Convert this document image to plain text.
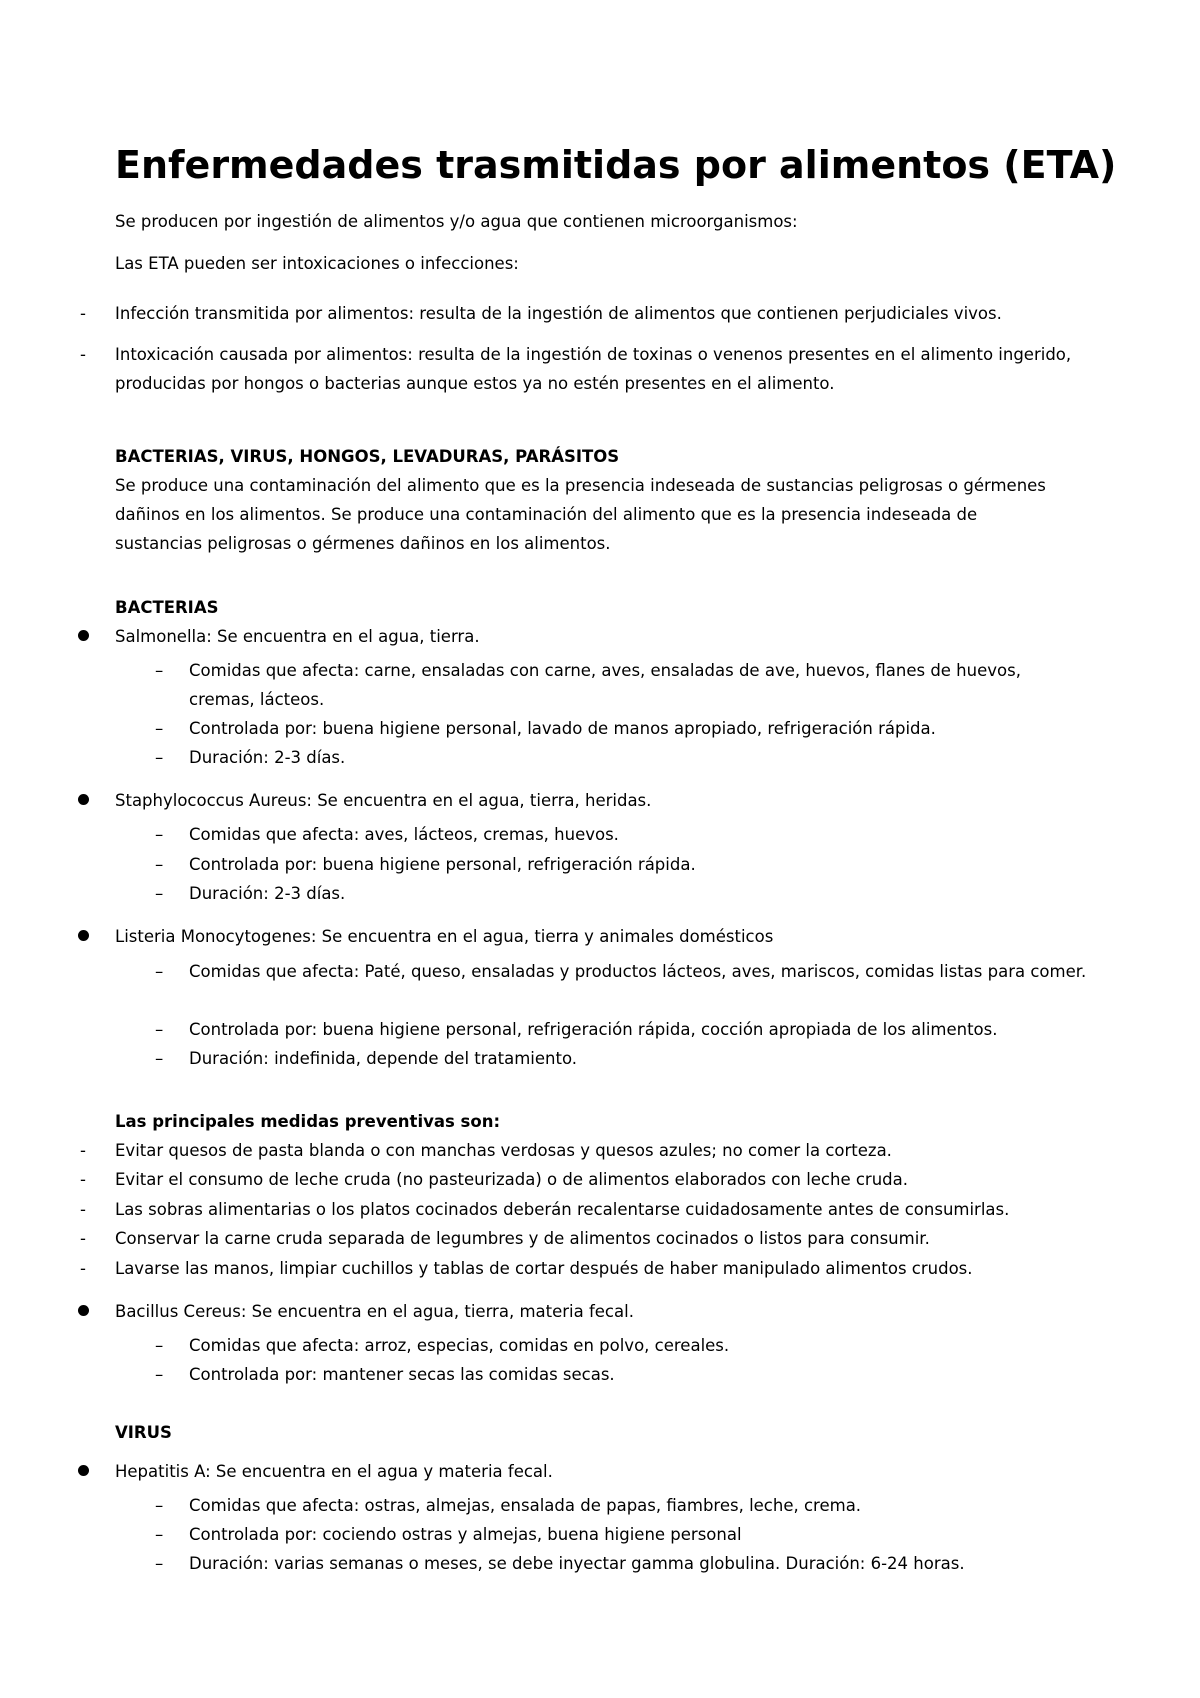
Enfermedades trasmitidas por alimentos (ETA)

Se producen por ingestión de alimentos y/o agua que contienen microorganismos:

Las ETA pueden ser intoxicaciones o infecciones:

-	Infección transmitida por alimentos: resulta de la ingestión de alimentos que contienen perjudiciales vivos.

-	Intoxicación causada por alimentos: resulta de la ingestión de toxinas o venenos presentes en el alimento ingerido, producidas por hongos o bacterias aunque estos ya no estén presentes en el alimento.

BACTERIAS, VIRUS, HONGOS, LEVADURAS, PARÁSITOS

Se produce una contaminación del alimento que es la presencia indeseada de sustancias peligrosas o gérmenes dañinos en los alimentos. Se produce una contaminación del alimento que es la presencia indeseada de sustancias peligrosas o gérmenes dañinos en los alimentos.

BACTERIAS

Salmonella: Se encuentra en el agua, tierra.

–	Comidas que afecta: carne, ensaladas con carne, aves, ensaladas de ave, huevos, flanes de huevos, cremas, lácteos.

–	Controlada por: buena higiene personal, lavado de manos apropiado, refrigeración rápida.

–	Duración: 2-3 días.

Staphylococcus Aureus: Se encuentra en el agua, tierra, heridas.

–	Comidas que afecta: aves, lácteos, cremas, huevos.

–	Controlada por: buena higiene personal, refrigeración rápida.

–	Duración: 2-3 días.

Listeria Monocytogenes: Se encuentra en el agua, tierra y animales domésticos

–	Comidas que afecta: Paté, queso, ensaladas y productos lácteos, aves, mariscos, comidas listas para comer.

–	Controlada por: buena higiene personal, refrigeración rápida, cocción apropiada de los alimentos.

–	Duración: indefinida, depende del tratamiento.

Las principales medidas preventivas son:

-	Evitar quesos de pasta blanda o con manchas verdosas y quesos azules; no comer la corteza.

-	Evitar el consumo de leche cruda (no pasteurizada) o de alimentos elaborados con leche cruda.

-	Las sobras alimentarias o los platos cocinados deberán recalentarse cuidadosamente antes de consumirlas.

-	Conservar la carne cruda separada de legumbres y de alimentos cocinados o listos para consumir.

-	Lavarse las manos, limpiar cuchillos y tablas de cortar después de haber manipulado alimentos crudos.

Bacillus Cereus: Se encuentra en el agua, tierra, materia fecal.

–	Comidas que afecta: arroz, especias, comidas en polvo, cereales.

–	Controlada por: mantener secas las comidas secas.

VIRUS

Hepatitis A: Se encuentra en el agua y materia fecal.

–	Comidas que afecta: ostras, almejas, ensalada de papas, fiambres, leche, crema.

–	Controlada por: cociendo ostras y almejas, buena higiene personal

–	Duración: varias semanas o meses, se debe inyectar gamma globulina. Duración: 6-24 horas.
